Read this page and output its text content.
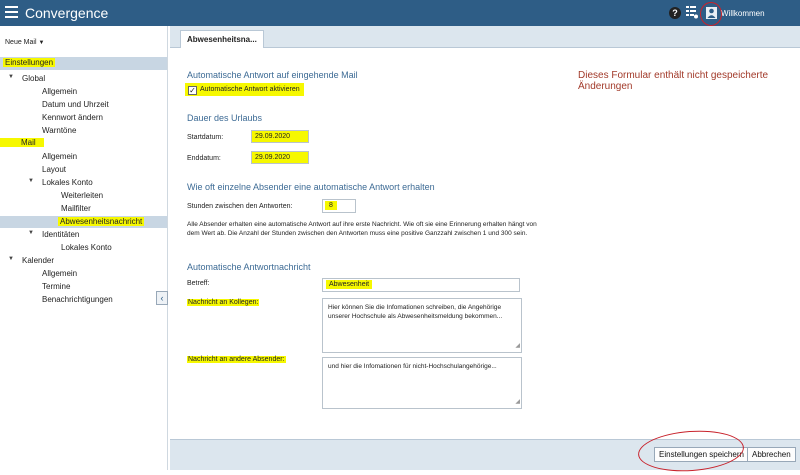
Convergence	?	Willkommen
Neue Mail ▼
Einstellungen
▼ Global
Allgemein
Datum und Uhrzeit
Kennwort ändern
Warntöne
Mail
Allgemein
Layout
▼ Lokales Konto
Weiterleiten
Mailfilter
Abwesenheitsnachricht
▼ Identitäten
Lokales Konto
▼ Kalender
Allgemein
Termine
Benachrichtigungen	‹
Abwesenheitsna...
Automatische Antwort auf eingehende Mail	Dieses Formular enthält nicht gespeicherte Änderungen
✓ Automatische Antwort aktivieren
Dauer des Urlaubs
Startdatum:	29.09.2020
Enddatum:	29.09.2020
Wie oft einzelne Absender eine automatische Antwort erhalten
Stunden zwischen den Antworten:	8
Alle Absender erhalten eine automatische Antwort auf ihre erste Nachricht. Wie oft sie eine Erinnerung erhalten hängt von dem Wert ab. Die Anzahl der Stunden zwischen den Antworten muss eine positive Ganzzahl zwischen 1 und 300 sein.
Automatische Antwortnachricht
Betreff:	Abwesenheit
Nachricht an Kollegen:
Hier können Sie die Infomationen schreiben, die Angehörige unserer Hochschule als Abwesenheitsmeldung bekommen...
◢
Nachricht an andere Absender:
und hier die Infomationen für nicht-Hochschulangehörige...
◢
Einstellungen speichern	Abbrechen
